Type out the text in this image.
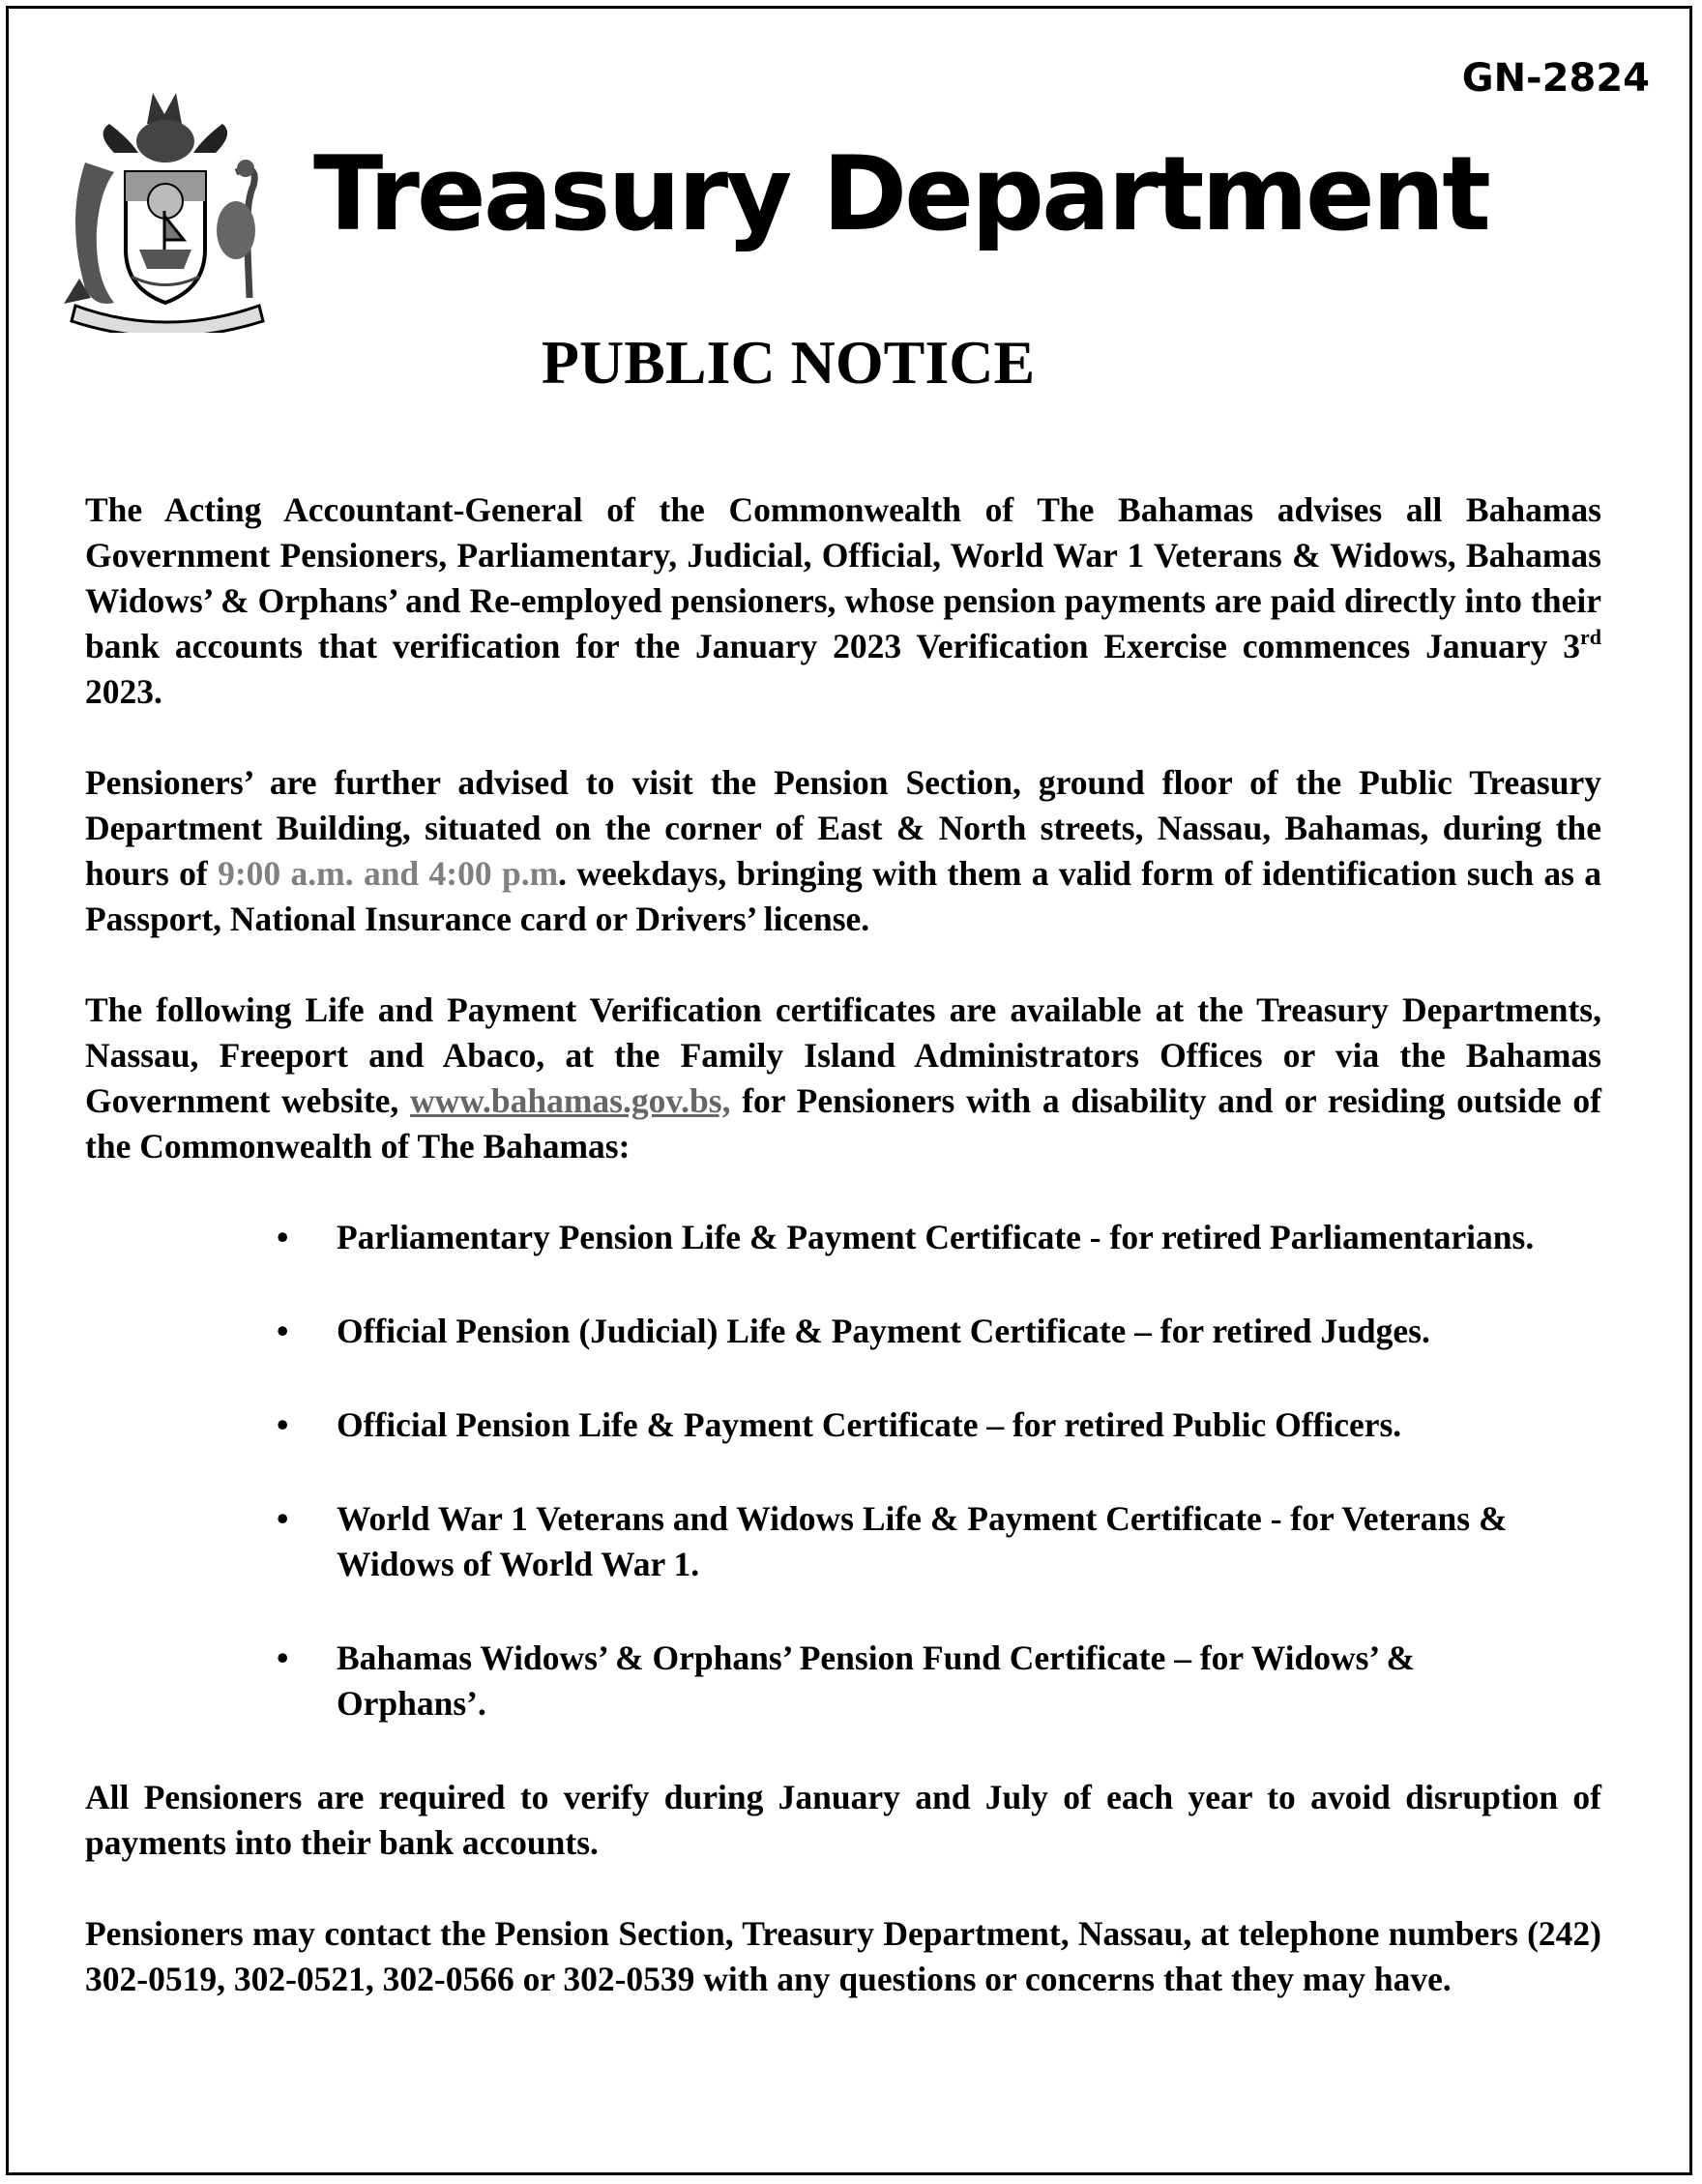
GN-2824
Treasury Department
PUBLIC NOTICE

The Acting Accountant-General of the Commonwealth of The Bahamas advises all Bahamas Government Pensioners, Parliamentary, Judicial, Official, World War 1 Veterans & Widows, Bahamas Widows’ & Orphans’ and Re-employed pensioners, whose pension payments are paid directly into their bank accounts that verification for the January 2023 Verification Exercise commences January 3rd 2023.

Pensioners’ are further advised to visit the Pension Section, ground floor of the Public Treasury Department Building, situated on the corner of East & North streets, Nassau, Bahamas, during the hours of 9:00 a.m. and 4:00 p.m. weekdays, bringing with them a valid form of identification such as a Passport, National Insurance card or Drivers’ license.

The following Life and Payment Verification certificates are available at the Treasury Departments, Nassau, Freeport and Abaco, at the Family Island Administrators Offices or via the Bahamas Government website, www.bahamas.gov.bs, for Pensioners with a disability and or residing outside of the Commonwealth of The Bahamas:

• Parliamentary Pension Life & Payment Certificate - for retired Parliamentarians.
• Official Pension (Judicial) Life & Payment Certificate – for retired Judges.
• Official Pension Life & Payment Certificate – for retired Public Officers.
• World War 1 Veterans and Widows Life & Payment Certificate - for Veterans & Widows of World War 1.
• Bahamas Widows’ & Orphans’ Pension Fund Certificate – for Widows’ & Orphans’.

All Pensioners are required to verify during January and July of each year to avoid disruption of payments into their bank accounts.

Pensioners may contact the Pension Section, Treasury Department, Nassau, at telephone numbers (242) 302-0519, 302-0521, 302-0566 or 302-0539 with any questions or concerns that they may have.
